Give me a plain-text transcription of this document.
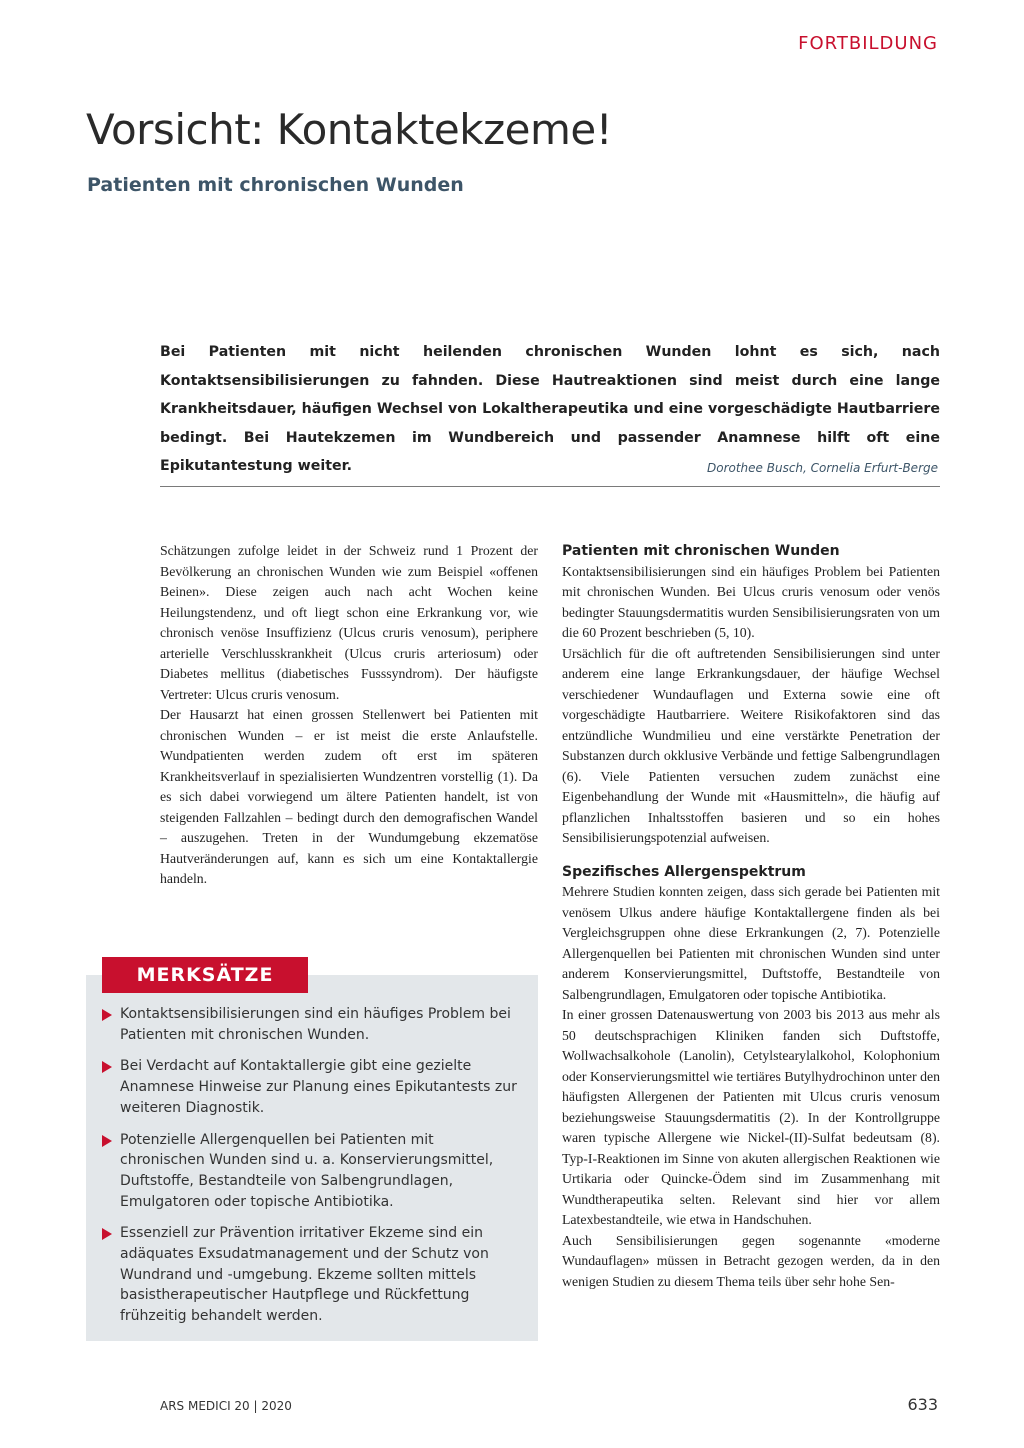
FORTBILDUNG
Vorsicht: Kontaktekzeme!
Patienten mit chronischen Wunden

Bei Patienten mit nicht heilenden chronischen Wunden lohnt es sich, nach Kontaktsensibilisierungen zu fahnden. Diese Hautreaktionen sind meist durch eine lange Krankheitsdauer, häufigen Wechsel von Lokaltherapeutika und eine vorgeschädigte Hautbarriere bedingt. Bei Hautekzemen im Wundbereich und passender Anamnese hilft oft eine Epikutantestung weiter.	Dorothee Busch, Cornelia Erfurt-Berge

Schätzungen zufolge leidet in der Schweiz rund 1 Prozent der Bevölkerung an chronischen Wunden wie zum Beispiel «offenen Beinen». Diese zeigen auch nach acht Wochen keine Heilungstendenz, und oft liegt schon eine Erkrankung vor, wie chronisch venöse Insuffizienz (Ulcus cruris venosum), periphere arterielle Verschlusskrankheit (Ulcus cruris arteriosum) oder Diabetes mellitus (diabetisches Fusssyndrom). Der häufigste Vertreter: Ulcus cruris venosum.

Der Hausarzt hat einen grossen Stellenwert bei Patienten mit chronischen Wunden – er ist meist die erste Anlaufstelle. Wundpatienten werden zudem oft erst im späteren Krankheitsverlauf in spezialisierten Wundzentren vorstellig (1). Da es sich dabei vorwiegend um ältere Patienten handelt, ist von steigenden Fallzahlen – bedingt durch den demografischen Wandel – auszugehen. Treten in der Wundumgebung ekzematöse Hautveränderungen auf, kann es sich um eine Kontaktallergie handeln.

MERKSÄTZE
Kontaktsensibilisierungen sind ein häufiges Problem bei Patienten mit chronischen Wunden.
Bei Verdacht auf Kontaktallergie gibt eine gezielte Anamnese Hinweise zur Planung eines Epikutantests zur weiteren Diagnostik.
Potenzielle Allergenquellen bei Patienten mit chronischen Wunden sind u. a. Konservierungsmittel, Duftstoffe, Bestandteile von Salbengrundlagen, Emulgatoren oder topische Antibiotika.
Essenziell zur Prävention irritativer Ekzeme sind ein adäquates Exsudatmanagement und der Schutz von Wundrand und -umgebung. Ekzeme sollten mittels basistherapeutischer Hautpflege und Rückfettung frühzeitig behandelt werden.
Patienten mit chronischen Wunden

Kontaktsensibilisierungen sind ein häufiges Problem bei Patienten mit chronischen Wunden. Bei Ulcus cruris venosum oder venös bedingter Stauungsdermatitis wurden Sensibilisierungsraten von um die 60 Prozent beschrieben (5, 10).

Ursächlich für die oft auftretenden Sensibilisierungen sind unter anderem eine lange Erkrankungsdauer, der häufige Wechsel verschiedener Wundauflagen und Externa sowie eine oft vorgeschädigte Hautbarriere. Weitere Risikofaktoren sind das entzündliche Wundmilieu und eine verstärkte Penetration der Substanzen durch okklusive Verbände und fettige Salbengrundlagen (6). Viele Patienten versuchen zudem zunächst eine Eigenbehandlung der Wunde mit «Hausmitteln», die häufig auf pflanzlichen Inhaltsstoffen basieren und so ein hohes Sensibilisierungspotenzial aufweisen.

Spezifisches Allergenspektrum

Mehrere Studien konnten zeigen, dass sich gerade bei Patienten mit venösem Ulkus andere häufige Kontaktallergene finden als bei Vergleichsgruppen ohne diese Erkrankungen (2, 7). Potenzielle Allergenquellen bei Patienten mit chronischen Wunden sind unter anderem Konservierungsmittel, Duftstoffe, Bestandteile von Salbengrundlagen, Emulgatoren oder topische Antibiotika.

In einer grossen Datenauswertung von 2003 bis 2013 aus mehr als 50 deutschsprachigen Kliniken fanden sich Duftstoffe, Wollwachsalkohole (Lanolin), Cetylstearylalkohol, Kolophonium oder Konservierungsmittel wie tertiäres Butylhydrochinon unter den häufigsten Allergenen der Patienten mit Ulcus cruris venosum beziehungsweise Stauungsdermatitis (2). In der Kontrollgruppe waren typische Allergene wie Nickel-(II)-Sulfat bedeutsam (8). Typ-I-Reaktionen im Sinne von akuten allergischen Reaktionen wie Urtikaria oder Quincke-Ödem sind im Zusammenhang mit Wundtherapeutika selten. Relevant sind hier vor allem Latexbestandteile, wie etwa in Handschuhen.

Auch Sensibilisierungen gegen sogenannte «moderne Wundauflagen» müssen in Betracht gezogen werden, da in den wenigen Studien zu diesem Thema teils über sehr hohe Sen-

ARS MEDICI 20 | 2020	633
